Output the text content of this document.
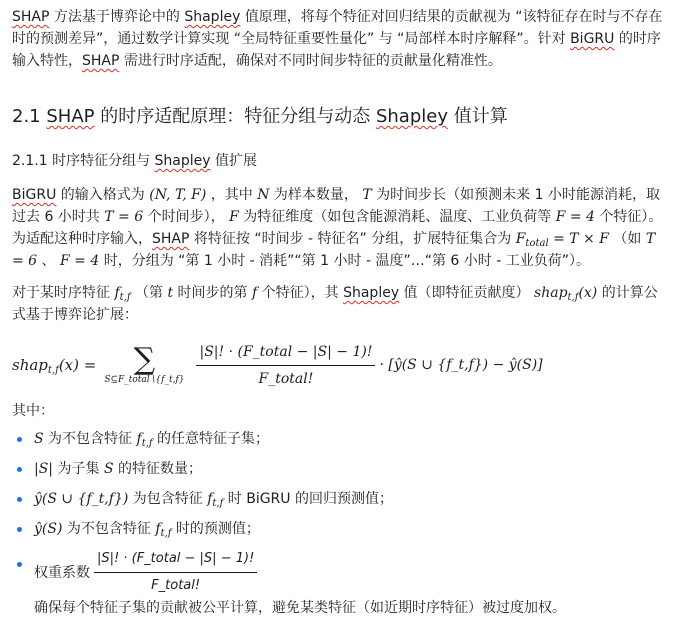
SHAP 方法基于博弈论中的 Shapley 值原理，将每个特征对回归结果的贡献视为 “该特征存在时与不存在时的预测差异”，通过数学计算实现 “全局特征重要性量化” 与 “局部样本时序解释”。针对 BiGRU 的时序输入特性，SHAP 需进行时序适配，确保对不同时间步特征的贡献量化精准性。

2.1 SHAP 的时序适配原理：特征分组与动态 Shapley 值计算
2.1.1 时序特征分组与 Shapley 值扩展

BiGRU 的输入格式为 (N, T, F) ，其中 N 为样本数量， T 为时间步长（如预测未来 1 小时能源消耗，取过去 6 小时共 T = 6 个时间步）， F 为特征维度（如包含能源消耗、温度、工业负荷等 F = 4 个特征）。为适配这种时序输入，SHAP 将特征按 “时间步 - 特征名” 分组，扩展特征集合为 $F_{total} = T \times F$ （如 T = 6 、 F = 4 时，分组为 “第 1 小时 - 消耗”“第 1 小时 - 温度”…“第 6 小时 - 工业负荷”）。

对于某时序特征 $f_{t,f}$ （第 t 时间步的第 f 个特征），其 Shapley 值（即特征贡献度） shap$_{t,f}$(x) 的计算公式基于博弈论扩展：

shap$_{t,f}$(x) = ∑
S⊆F_total∖{f_t,f} $\frac{\text{|S|! · (F\_total − |S| − 1)!}}{\text{F\_total!}}$ · [ŷ(S ∪ {f_t,f}) − ŷ(S)]

其中：

S 为不包含特征 $f_{t,f}$ 的任意特征子集；
|S| 为子集 S 的特征数量；
ŷ(S ∪ {f_t,f}) 为包含特征 $f_{t,f}$ 时 BiGRU 的回归预测值；
ŷ(S) 为不包含特征 $f_{t,f}$ 时的预测值；
权重系数 $\frac{\text{|S|! · (F\_total − |S| − 1)!}}{\text{F\_total!}}$
确保每个特征子集的贡献被公平计算，避免某类特征（如近期时序特征）被过度加权。
